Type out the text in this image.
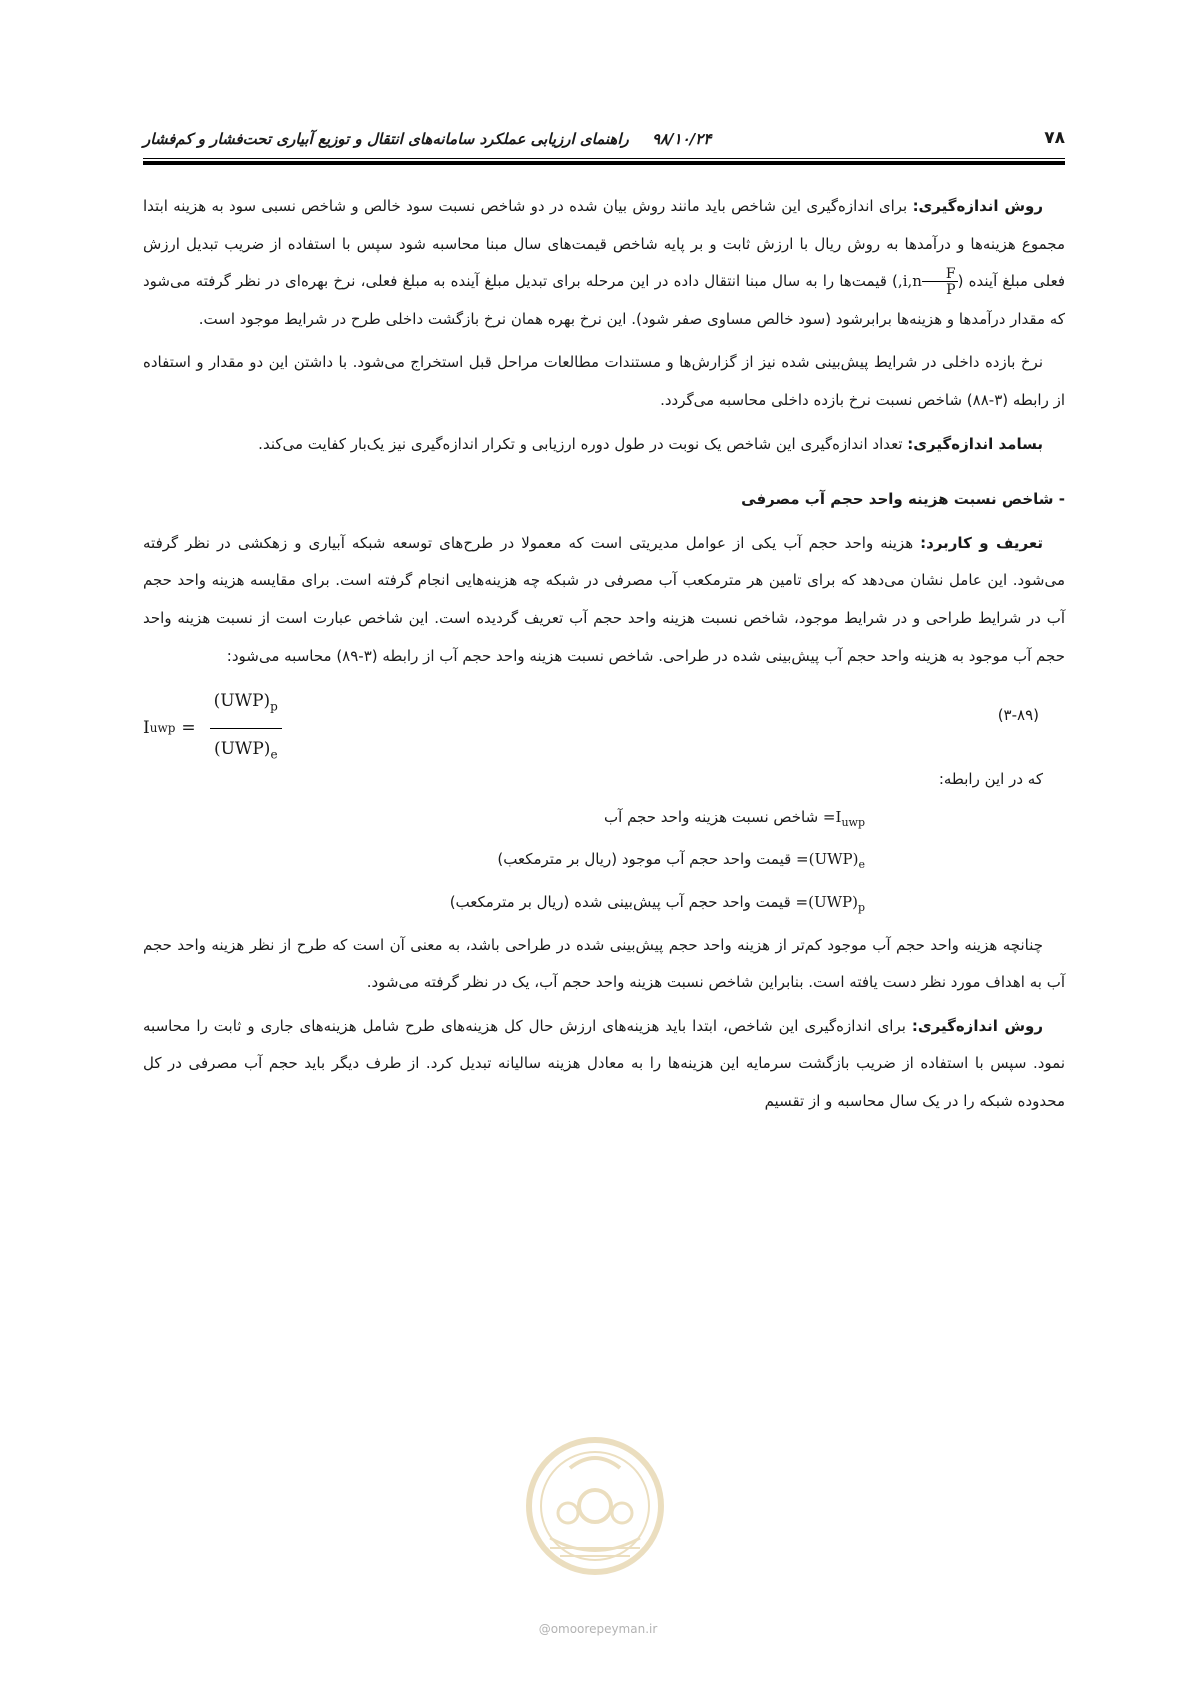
۷۸
۹۸/۱۰/۲۴ راهنمای ارزیابی عملکرد سامانه‌های انتقال و توزیع آبیاری تحت‌فشار و کم‌فشار

روش اندازه‌گیری: برای اندازه‌گیری این شاخص باید مانند روش بیان شده در دو شاخص نسبت سود خالص و شاخص نسبی سود به هزینه ابتدا مجموع هزینه‌ها و درآمدها به روش ریال با ارزش ثابت و بر پایه شاخص قیمت‌های سال مبنا محاسبه شود سپس با استفاده از ضریب تبدیل ارزش فعلی مبلغ آینده (
$\frac{F}{P}$
,i,n) قیمت‌ها را به سال مبنا انتقال داده در این مرحله برای تبدیل مبلغ آینده به مبلغ فعلی، نرخ بهره‌ای در نظر گرفته می‌شود که مقدار درآمدها و هزینه‌ها برابرشود (سود خالص مساوی صفر شود). این نرخ بهره همان نرخ بازگشت داخلی طرح در شرایط موجود است.

نرخ بازده داخلی در شرایط پیش‌بینی شده نیز از گزارش‌ها و مستندات مطالعات مراحل قبل استخراج می‌شود. با داشتن این دو مقدار و استفاده از رابطه (۳-۸۸) شاخص نسبت نرخ بازده داخلی محاسبه می‌گردد.

بسامد اندازه‌گیری: تعداد اندازه‌گیری این شاخص یک نوبت در طول دوره ارزیابی و تکرار اندازه‌گیری نیز یک‌بار کفایت می‌کند.

- شاخص نسبت هزینه واحد حجم آب مصرفی

تعریف و کاربرد: هزینه واحد حجم آب یکی از عوامل مدیریتی است که معمولا در طرح‌های توسعه شبکه آبیاری و زهکشی در نظر گرفته می‌شود. این عامل نشان می‌دهد که برای تامین هر مترمکعب آب مصرفی در شبکه چه هزینه‌هایی انجام گرفته است. برای مقایسه هزینه واحد حجم آب در شرایط طراحی و در شرایط موجود، شاخص نسبت هزینه واحد حجم آب تعریف گردیده است. این شاخص عبارت است از نسبت هزینه واحد حجم آب موجود به هزینه واحد حجم آب پیش‌بینی شده در طراحی. شاخص نسبت هزینه واحد حجم آب از رابطه (۳-۸۹) محاسبه می‌شود:

I uwp =
$(UWP)_p$
$(UWP)_e$
(۳-۸۹)

که در این رابطه:

$I_{uwp}=$ شاخص نسبت هزینه واحد حجم آب

$(UWP)_e=$ قیمت واحد حجم آب موجود (ریال بر مترمکعب)

$(UWP)_p=$ قیمت واحد حجم آب پیش‌بینی شده (ریال بر مترمکعب)

چنانچه هزینه واحد حجم آب موجود کم‌تر از هزینه واحد حجم پیش‌بینی شده در طراحی باشد، به معنی آن است که طرح از نظر هزینه واحد حجم آب به اهداف مورد نظر دست یافته است. بنابراین شاخص نسبت هزینه واحد حجم آب، یک در نظر گرفته می‌شود.

روش اندازه‌گیری: برای اندازه‌گیری این شاخص، ابتدا باید هزینه‌های ارزش حال کل هزینه‌های طرح شامل هزینه‌های جاری و ثابت را محاسبه نمود. سپس با استفاده از ضریب بازگشت سرمایه این هزینه‌ها را به معادل هزینه سالیانه تبدیل کرد. از طرف دیگر باید حجم آب مصرفی در کل محدوده شبکه را در یک سال محاسبه و از تقسیم

@omoorepeyman.ir
